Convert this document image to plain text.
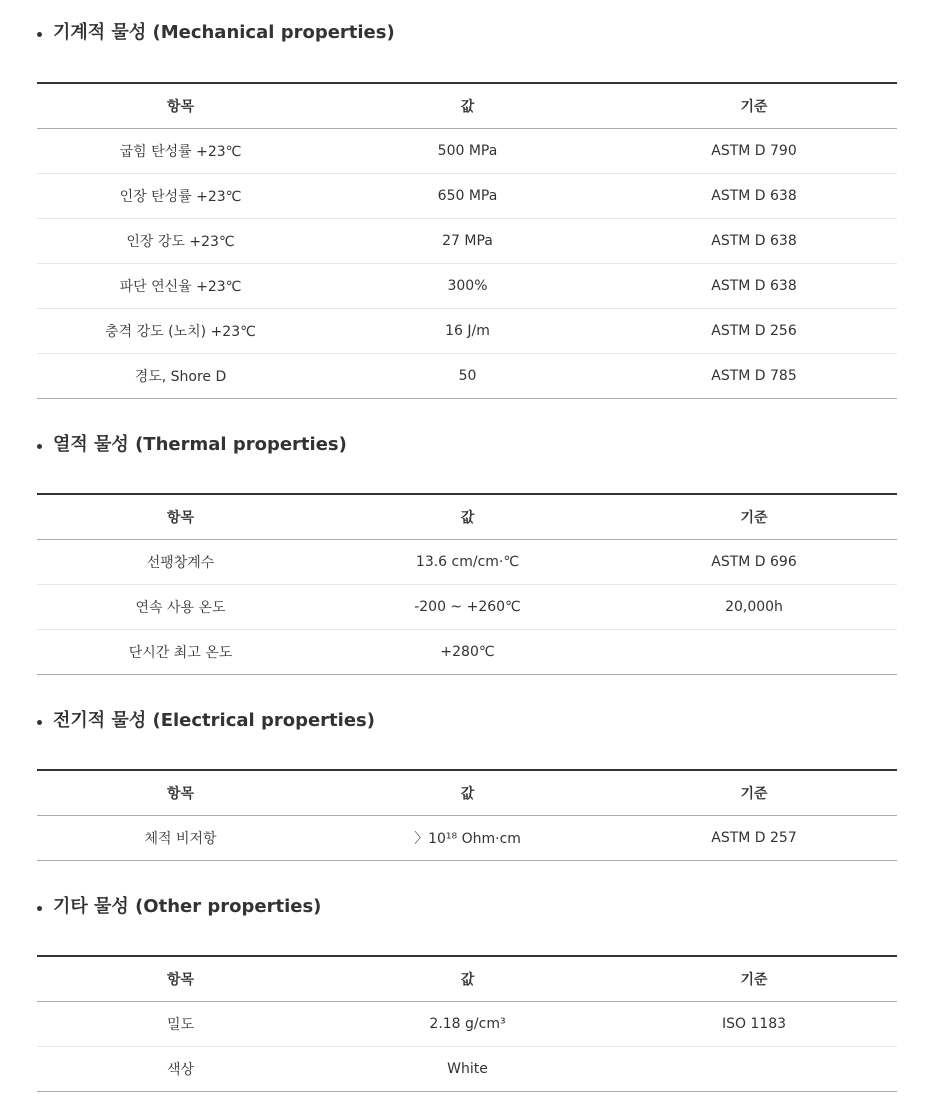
기계적 물성 (Mechanical properties)
항목	값	기준
굽힘 탄성률 +23℃	500 MPa	ASTM D 790
인장 탄성률 +23℃	650 MPa	ASTM D 638
인장 강도 +23℃	27 MPa	ASTM D 638
파단 연신율 +23℃	300%	ASTM D 638
충격 강도 (노치) +23℃	16 J/m	ASTM D 256
경도, Shore D	50	ASTM D 785
열적 물성 (Thermal properties)
항목	값	기준
선팽창계수	13.6 cm/cm·℃	ASTM D 696
연속 사용 온도	-200 ~ +260℃	20,000h
단시간 최고 온도	+280℃	
전기적 물성 (Electrical properties)
항목	값	기준
체적 비저항	〉10¹⁸ Ohm·cm	ASTM D 257
기타 물성 (Other properties)
항목	값	기준
밀도	2.18 g/cm³	ISO 1183
색상	White	
